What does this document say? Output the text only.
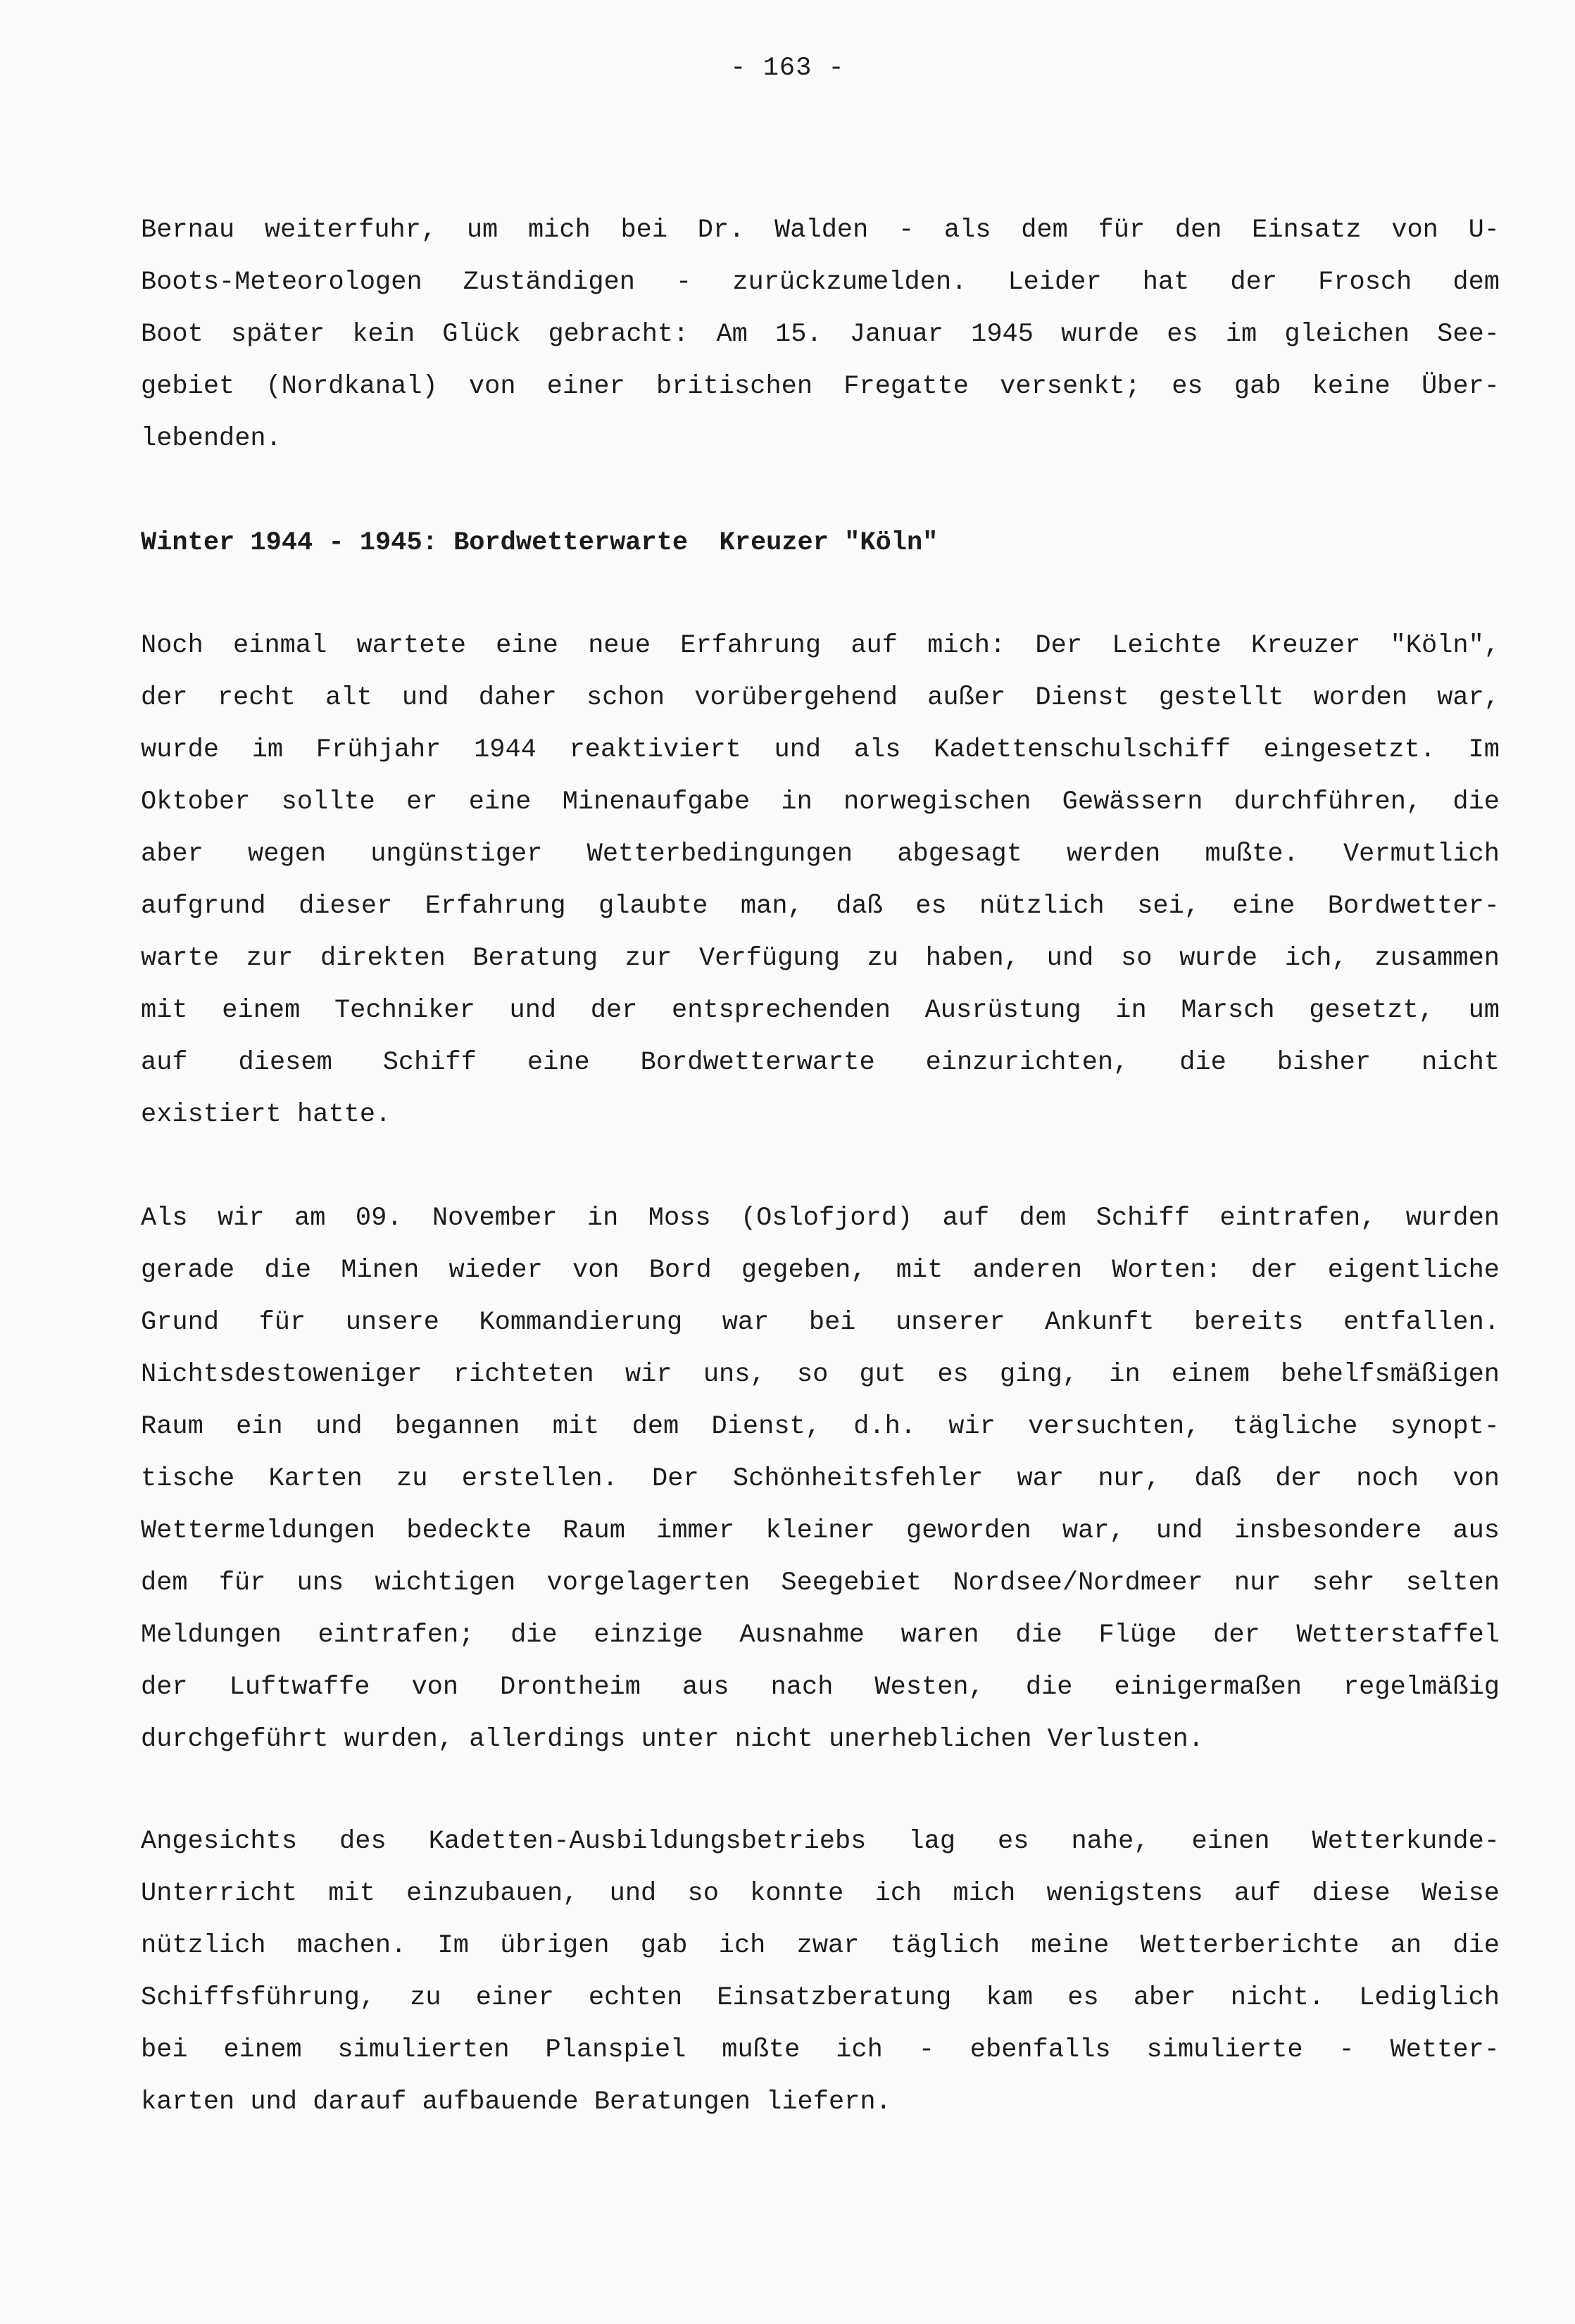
- 163 -
Bernau weiterfuhr, um mich bei Dr. Walden - als dem für den Einsatz von U-
Boots-Meteorologen Zuständigen - zurückzumelden. Leider hat der Frosch dem
Boot später kein Glück gebracht: Am 15. Januar 1945 wurde es im gleichen See-
gebiet (Nordkanal) von einer britischen Fregatte versenkt; es gab keine Über-
lebenden.
Winter 1944 - 1945: Bordwetterwarte  Kreuzer "Köln"
Noch einmal wartete eine neue Erfahrung auf mich: Der Leichte Kreuzer "Köln",
der recht alt und daher schon vorübergehend außer Dienst gestellt worden war,
wurde im Frühjahr 1944 reaktiviert und als Kadettenschulschiff eingesetzt. Im
Oktober sollte er eine Minenaufgabe in norwegischen Gewässern durchführen, die
aber wegen ungünstiger Wetterbedingungen abgesagt werden mußte. Vermutlich
aufgrund dieser Erfahrung glaubte man, daß es nützlich sei, eine Bordwetter-
warte zur direkten Beratung zur Verfügung zu haben, und so wurde ich, zusammen
mit einem Techniker und der entsprechenden Ausrüstung in Marsch gesetzt, um
auf diesem Schiff eine Bordwetterwarte einzurichten, die bisher nicht
existiert hatte.
Als wir am 09. November in Moss (Oslofjord) auf dem Schiff eintrafen, wurden
gerade die Minen wieder von Bord gegeben, mit anderen Worten: der eigentliche
Grund für unsere Kommandierung war bei unserer Ankunft bereits entfallen.
Nichtsdestoweniger richteten wir uns, so gut es ging, in einem behelfsmäßigen
Raum ein und begannen mit dem Dienst, d.h. wir versuchten, tägliche synopt-
tische Karten zu erstellen. Der Schönheitsfehler war nur, daß der noch von
Wettermeldungen bedeckte Raum immer kleiner geworden war, und insbesondere aus
dem für uns wichtigen vorgelagerten Seegebiet Nordsee/Nordmeer nur sehr selten
Meldungen eintrafen; die einzige Ausnahme waren die Flüge der Wetterstaffel
der Luftwaffe von Drontheim aus nach Westen, die einigermaßen regelmäßig
durchgeführt wurden, allerdings unter nicht unerheblichen Verlusten.
Angesichts des Kadetten-Ausbildungsbetriebs lag es nahe, einen Wetterkunde-
Unterricht mit einzubauen, und so konnte ich mich wenigstens auf diese Weise
nützlich machen. Im übrigen gab ich zwar täglich meine Wetterberichte an die
Schiffsführung, zu einer echten Einsatzberatung kam es aber nicht. Lediglich
bei einem simulierten Planspiel mußte ich - ebenfalls simulierte - Wetter-
karten und darauf aufbauende Beratungen liefern.
